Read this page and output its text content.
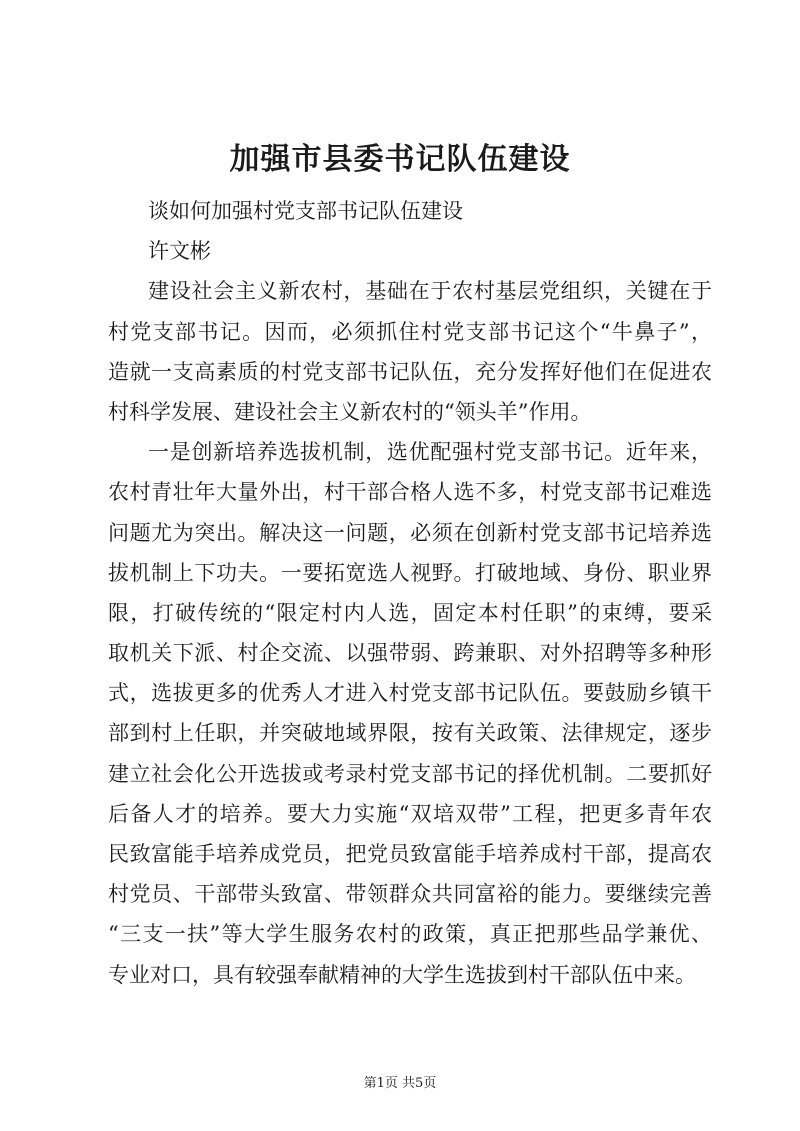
加强市县委书记队伍建设
谈如何加强村党支部书记队伍建设
许文彬
建设社会主义新农村，基础在于农村基层党组织，关键在于
村党支部书记。因而，必须抓住村党支部书记这个“牛鼻子”，
造就一支高素质的村党支部书记队伍，充分发挥好他们在促进农
村科学发展、建设社会主义新农村的“领头羊”作用。
一是创新培养选拔机制，选优配强村党支部书记。近年来，
农村青壮年大量外出，村干部合格人选不多，村党支部书记难选
问题尤为突出。解决这一问题，必须在创新村党支部书记培养选
拔机制上下功夫。一要拓宽选人视野。打破地域、身份、职业界
限，打破传统的“限定村内人选，固定本村任职”的束缚，要采
取机关下派、村企交流、以强带弱、跨兼职、对外招聘等多种形
式，选拔更多的优秀人才进入村党支部书记队伍。要鼓励乡镇干
部到村上任职，并突破地域界限，按有关政策、法律规定，逐步
建立社会化公开选拔或考录村党支部书记的择优机制。二要抓好
后备人才的培养。要大力实施“双培双带”工程，把更多青年农
民致富能手培养成党员，把党员致富能手培养成村干部，提高农
村党员、干部带头致富、带领群众共同富裕的能力。要继续完善
“三支一扶”等大学生服务农村的政策，真正把那些品学兼优、
专业对口，具有较强奉献精神的大学生选拔到村干部队伍中来。
第1页 共5页
